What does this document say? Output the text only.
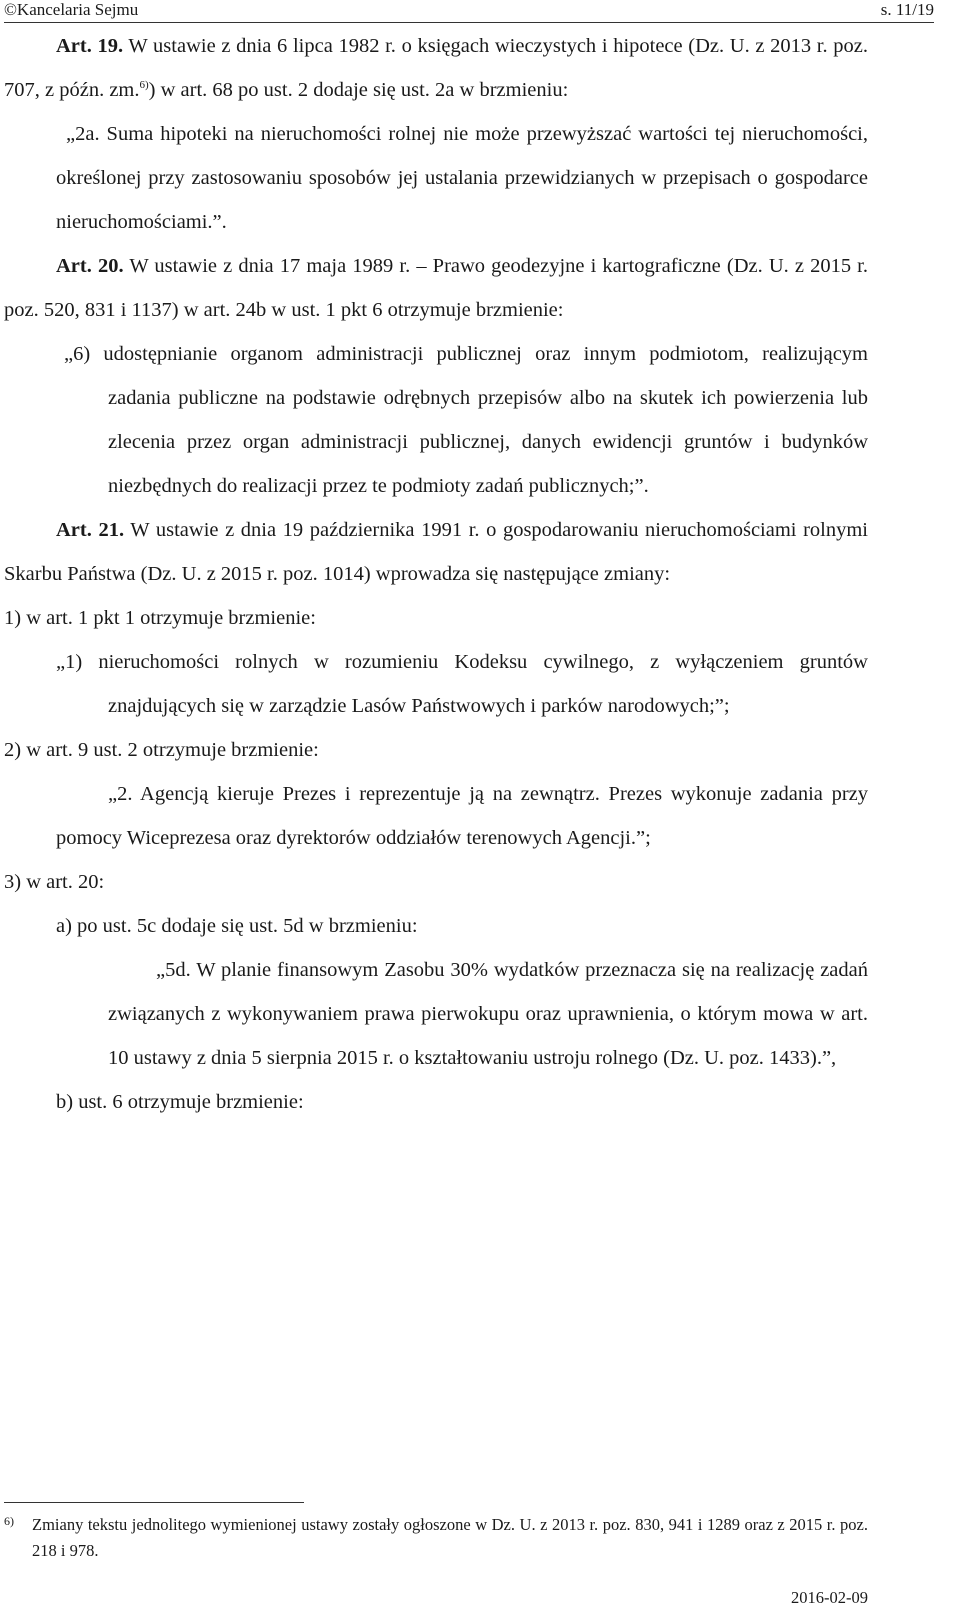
©Kancelaria Sejmu	s. 11/19

Art. 19. W ustawie z dnia 6 lipca 1982 r. o księgach wieczystych i hipotece (Dz. U. z 2013 r. poz. 707, z późn. zm.$^{6)}$) w art. 68 po ust. 2 dodaje się ust. 2a w brzmieniu:

„2a. Suma hipoteki na nieruchomości rolnej nie może przewyższać wartości tej nieruchomości, określonej przy zastosowaniu sposobów jej ustalania przewidzianych w przepisach o gospodarce nieruchomościami.”.

Art. 20. W ustawie z dnia 17 maja 1989 r. – Prawo geodezyjne i kartograficzne (Dz. U. z 2015 r. poz. 520, 831 i 1137) w art. 24b w ust. 1 pkt 6 otrzymuje brzmienie:

„6) udostępnianie organom administracji publicznej oraz innym podmiotom, realizującym zadania publiczne na podstawie odrębnych przepisów albo na skutek ich powierzenia lub zlecenia przez organ administracji publicznej, danych ewidencji gruntów i budynków niezbędnych do realizacji przez te podmioty zadań publicznych;”.

Art. 21. W ustawie z dnia 19 października 1991 r. o gospodarowaniu nieruchomościami rolnymi Skarbu Państwa (Dz. U. z 2015 r. poz. 1014) wprowadza się następujące zmiany:

1) w art. 1 pkt 1 otrzymuje brzmienie:

„1) nieruchomości rolnych w rozumieniu Kodeksu cywilnego, z wyłączeniem gruntów znajdujących się w zarządzie Lasów Państwowych i parków narodowych;”;

2) w art. 9 ust. 2 otrzymuje brzmienie:

„2. Agencją kieruje Prezes i reprezentuje ją na zewnątrz. Prezes wykonuje zadania przy pomocy Wiceprezesa oraz dyrektorów oddziałów terenowych Agencji.”;

3) w art. 20:

a) po ust. 5c dodaje się ust. 5d w brzmieniu:

„5d. W planie finansowym Zasobu 30% wydatków przeznacza się na realizację zadań związanych z wykonywaniem prawa pierwokupu oraz uprawnienia, o którym mowa w art. 10 ustawy z dnia 5 sierpnia 2015 r. o kształtowaniu ustroju rolnego (Dz. U. poz. 1433).”,

b) ust. 6 otrzymuje brzmienie:

6) Zmiany tekstu jednolitego wymienionej ustawy zostały ogłoszone w Dz. U. z 2013 r. poz. 830, 941 i 1289 oraz z 2015 r. poz. 218 i 978.

2016-02-09
